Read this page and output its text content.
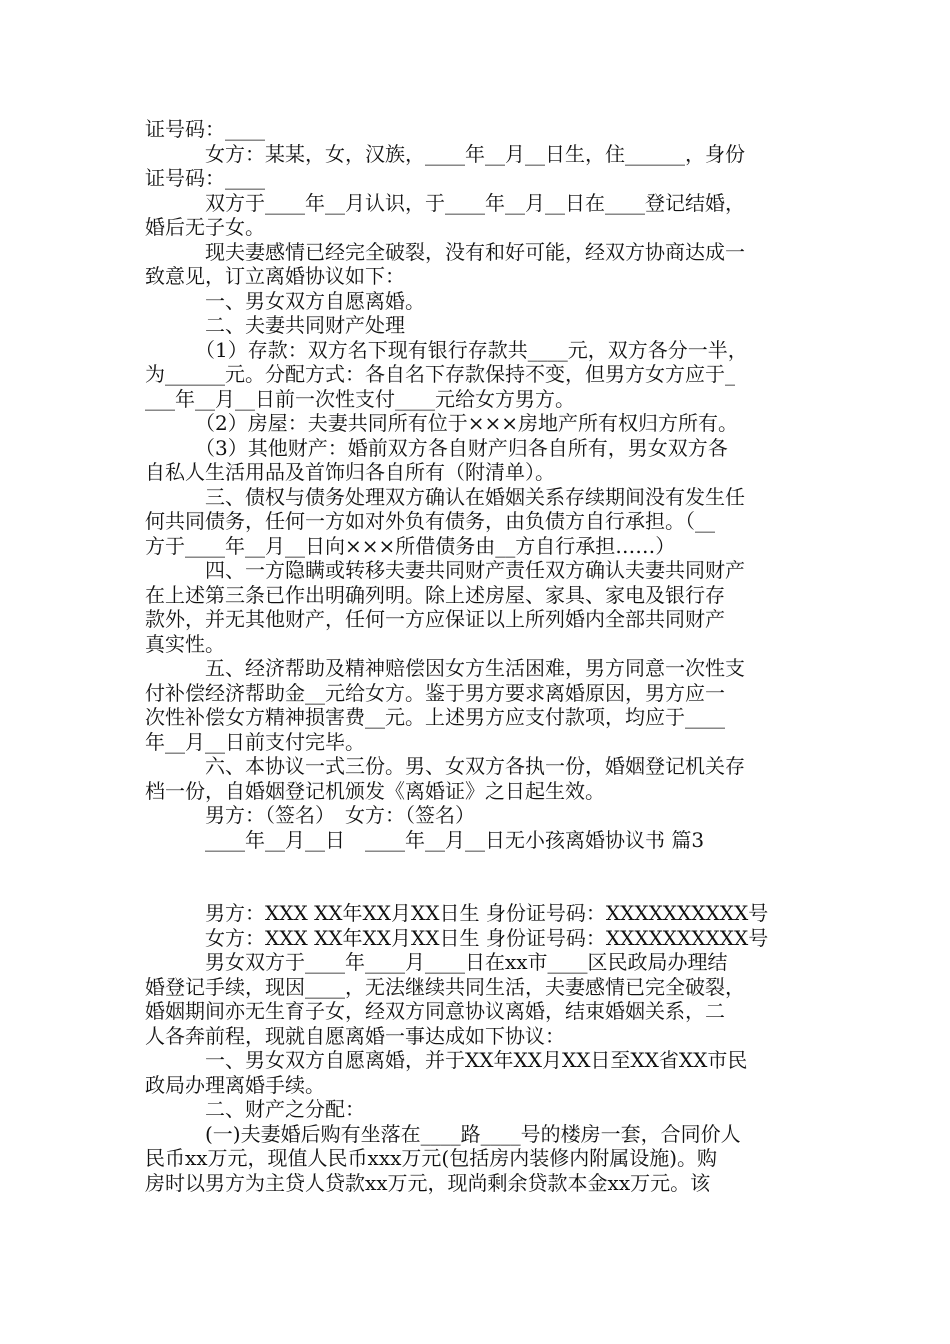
证号码：____
　　　女方：某某，女，汉族，____年__月__日生，住______，身份
证号码：____
　　　双方于____年__月认识，于____年__月__日在____登记结婚，
婚后无子女。
　　　现夫妻感情已经完全破裂，没有和好可能，经双方协商达成一
致意见，订立离婚协议如下：
　　　一、男女双方自愿离婚。
　　　二、夫妻共同财产处理
　　　（1）存款：双方名下现有银行存款共____元，双方各分一半，
为______元。分配方式：各自名下存款保持不变，但男方女方应于_
___年__月__日前一次性支付____元给女方男方。
　　　（2）房屋：夫妻共同所有位于×××房地产所有权归方所有。
　　　（3）其他财产：婚前双方各自财产归各自所有，男女双方各
自私人生活用品及首饰归各自所有（附清单）。
　　　三、债权与债务处理双方确认在婚姻关系存续期间没有发生任
何共同债务，任何一方如对外负有债务，由负债方自行承担。（__
方于____年__月__日向×××所借债务由__方自行承担……）
　　　四、一方隐瞒或转移夫妻共同财产责任双方确认夫妻共同财产
在上述第三条已作出明确列明。除上述房屋、家具、家电及银行存
款外，并无其他财产，任何一方应保证以上所列婚内全部共同财产
真实性。
　　　五、经济帮助及精神赔偿因女方生活困难，男方同意一次性支
付补偿经济帮助金__元给女方。鉴于男方要求离婚原因，男方应一
次性补偿女方精神损害费__元。上述男方应支付款项，均应于____
年__月__日前支付完毕。
　　　六、本协议一式三份。男、女双方各执一份，婚姻登记机关存
档一份，自婚姻登记机颁发《离婚证》之日起生效。
　　　男方：（签名）　女方：（签名）
　　　____年__月__日　____年__月__日无小孩离婚协议书 篇3
　　　男方：XXX XX年XX月XX日生 身份证号码：XXXXXXXXXX号
　　　女方：XXX XX年XX月XX日生 身份证号码：XXXXXXXXXX号
　　　男女双方于____年____月____日在xx市____区民政局办理结
婚登记手续，现因____，无法继续共同生活，夫妻感情已完全破裂，
婚姻期间亦无生育子女，经双方同意协议离婚，结束婚姻关系，二
人各奔前程，现就自愿离婚一事达成如下协议：
　　　一、男女双方自愿离婚，并于XX年XX月XX日至XX省XX市民
政局办理离婚手续。
　　　二、财产之分配：
　　　(一)夫妻婚后购有坐落在____路____号的楼房一套，合同价人
民币xx万元，现值人民币xxx万元(包括房内装修内附属设施)。购
房时以男方为主贷人贷款xx万元，现尚剩余贷款本金xx万元。该
